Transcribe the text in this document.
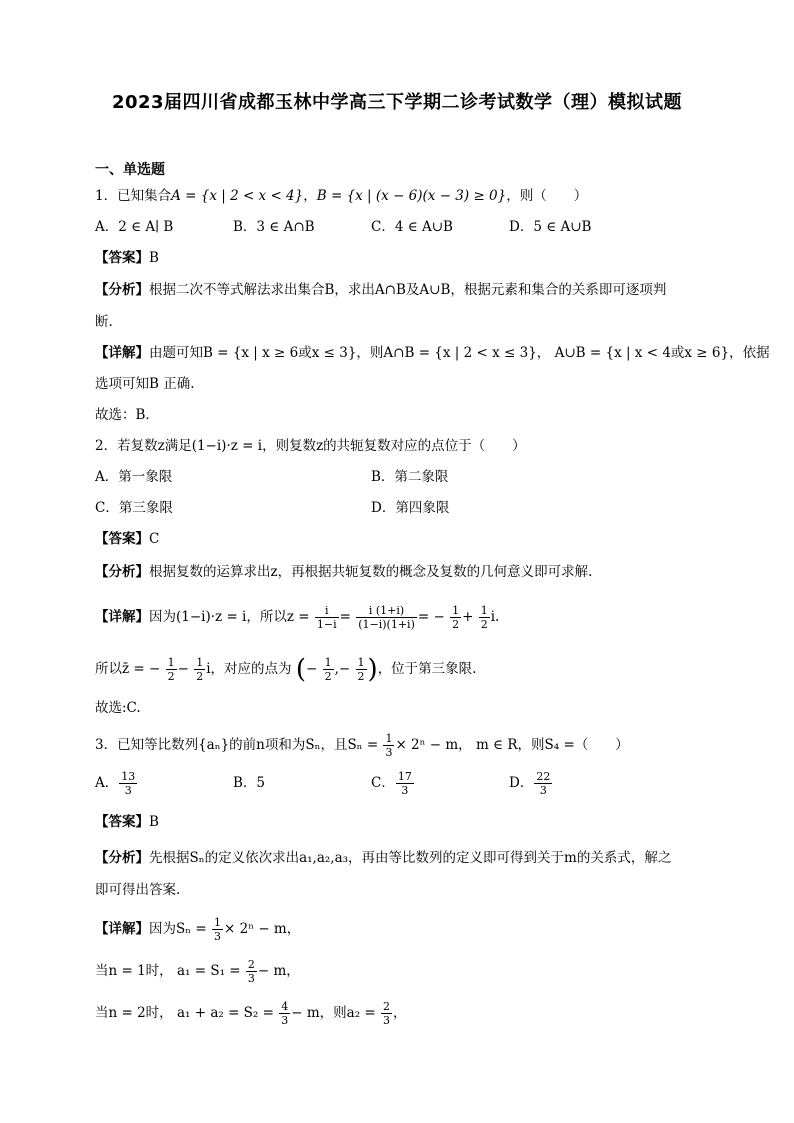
2023届四川省成都玉林中学高三下学期二诊考试数学（理）模拟试题
一、单选题
1．已知集合A = {x | 2 < x < 4}，B = {x | (x − 6)(x − 3) ≥ 0}，则（　　）
A．2 ∈ A∣ B	B．3 ∈ A∩B	C．4 ∈ A∪B	D．5 ∈ A∪B
【答案】B
【分析】根据二次不等式解法求出集合B，求出A∩B及A∪B，根据元素和集合的关系即可逐项判
断.
【详解】由题可知B = {x | x ≥ 6或x ≤ 3}，则A∩B = {x | 2 < x ≤ 3}， A∪B = {x | x < 4或x ≥ 6}，依据
选项可知B 正确.
故选：B．
2．若复数z满足(1−i)·z = i，则复数z的共轭复数对应的点位于（　　）
A．第一象限	B．第二象限
C．第三象限	D．第四象限
【答案】C
【分析】根据复数的运算求出z，再根据共轭复数的概念及复数的几何意义即可求解.
【详解】因为(1−i)·z = i，所以$z = \frac{i}{1-i} = \frac{i (1+i)}{(1-i)(1+i)}$ = − $\frac{1}{2} + \frac{1}{2} i$.
所以z̄ = − $\frac{1}{2} - \frac{1}{2}$ i，对应的点为 (− $\frac{1}{2}$ ,− $\frac{1}{2}$ )，位于第三象限.
故选:C.
3．已知等比数列{aₙ}的前n项和为Sₙ，且$S_n = \frac{1}{3} \times 2^n - m$， m ∈ R，则S₄ =（　　）
A． $\frac{13}{3}$	B．5	C． $\frac{17}{3}$	D． $\frac{22}{3}$
【答案】B
【分析】先根据Sₙ的定义依次求出a₁,a₂,a₃，再由等比数列的定义即可得到关于m的关系式，解之
即可得出答案.
【详解】因为$S_n = \frac{1}{3} \times 2^n - m$，
当n = 1时， $a_1 = S_1 = \frac{2}{3} - m$，
当n = 2时， $a_1 + a_2 = S_2 = \frac{4}{3} - m$，则$a_2 = \frac{2}{3}$ ，
